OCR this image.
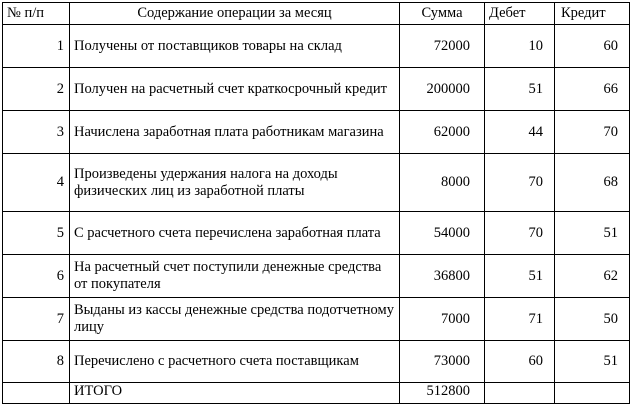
№ п/п	Содержание операции за месяц	Сумма	Дебет	Кредит
1	Получены от поставщиков товары на склад	72000	10	60
2	Получен на расчетный счет краткосрочный кредит	200000	51	66
3	Начислена заработная плата работникам магазина	62000	44	70
4	Произведены удержания налога на доходы физических лиц из заработной платы	8000	70	68
5	С расчетного счета перечислена заработная плата	54000	70	51
6	На расчетный счет поступили денежные средства от покупателя	36800	51	62
7	Выданы из кассы денежные средства подотчетному лицу	7000	71	50
8	Перечислено с расчетного счета поставщикам	73000	60	51
	ИТОГО	512800		
